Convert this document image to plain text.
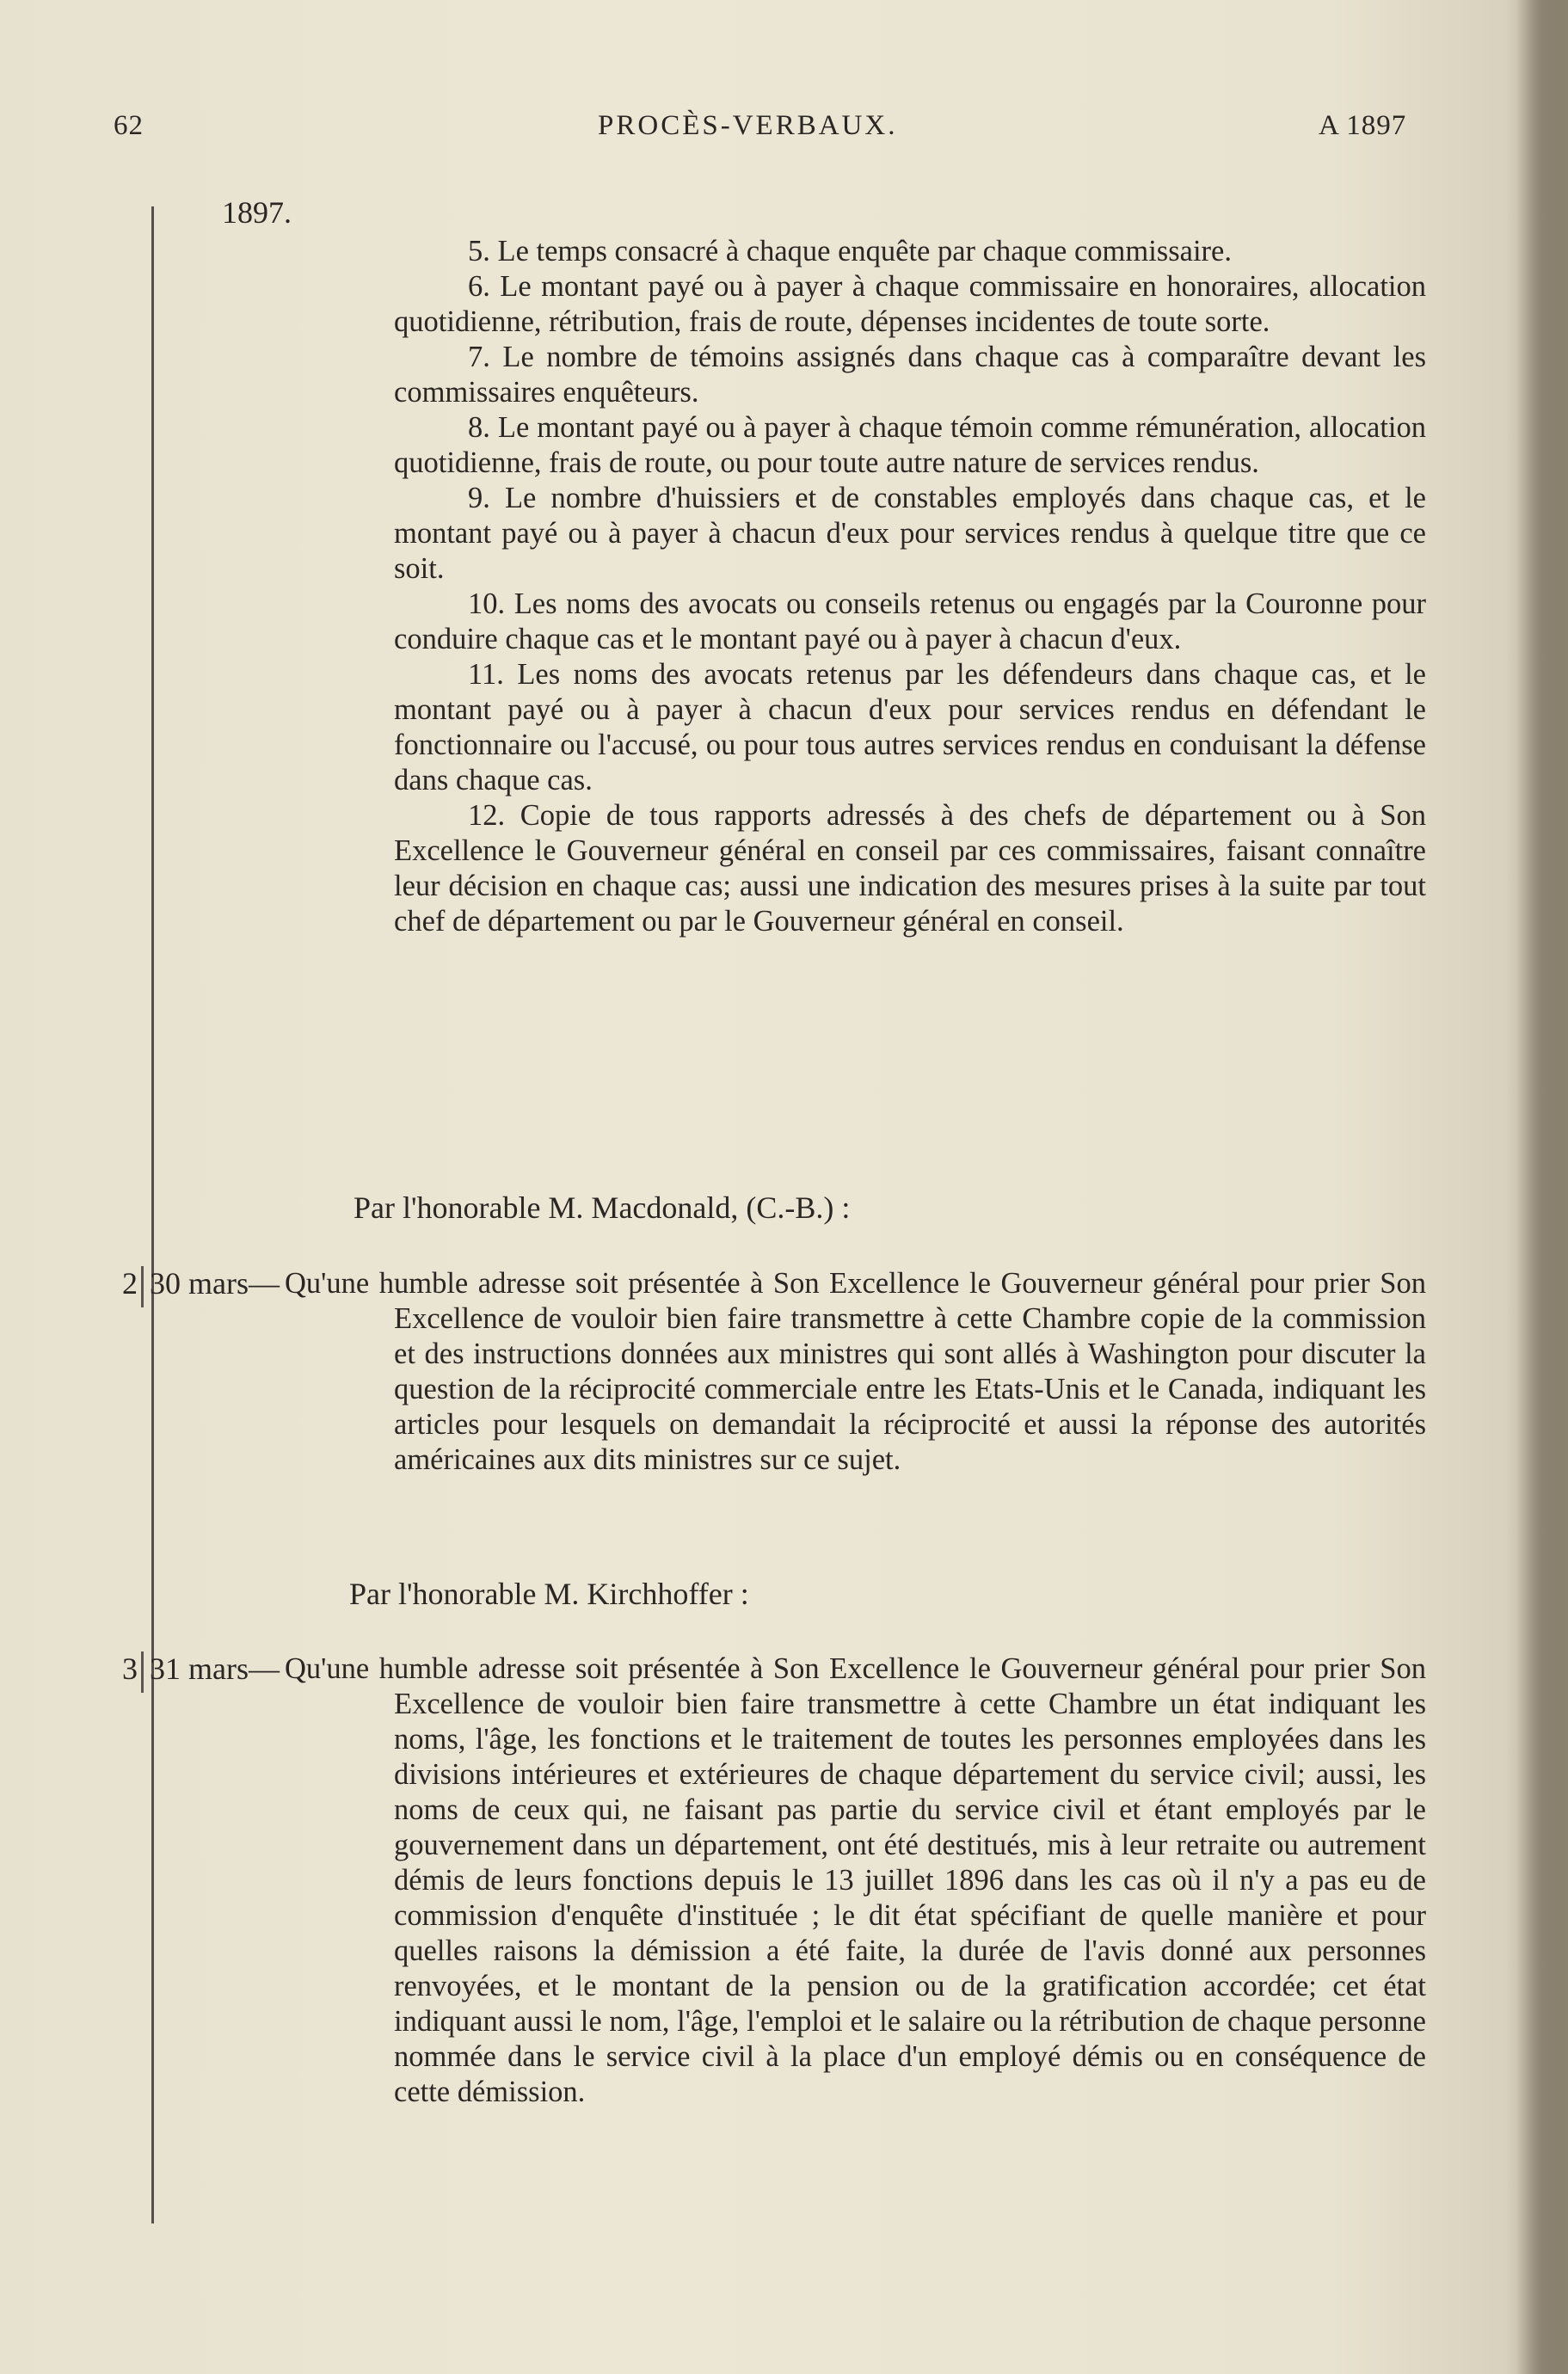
62	PROCÈS-VERBAUX.	A 1897
1897.

5. Le temps consacré à chaque enquête par chaque commissaire.

6. Le montant payé ou à payer à chaque commissaire en honoraires, allocation quotidienne, rétribution, frais de route, dépenses incidentes de toute sorte.

7. Le nombre de témoins assignés dans chaque cas à comparaître devant les commissaires enquêteurs.

8. Le montant payé ou à payer à chaque témoin comme rémunération, allocation quotidienne, frais de route, ou pour toute autre nature de services rendus.

9. Le nombre d'huissiers et de constables employés dans chaque cas, et le montant payé ou à payer à chacun d'eux pour services rendus à quelque titre que ce soit.

10. Les noms des avocats ou conseils retenus ou engagés par la Couronne pour conduire chaque cas et le montant payé ou à payer à chacun d'eux.

11. Les noms des avocats retenus par les défendeurs dans chaque cas, et le montant payé ou à payer à chacun d'eux pour services rendus en défendant le fonctionnaire ou l'accusé, ou pour tous autres services rendus en conduisant la défense dans chaque cas.

12. Copie de tous rapports adressés à des chefs de département ou à Son Excellence le Gouverneur général en conseil par ces commissaires, faisant connaître leur décision en chaque cas; aussi une indication des mesures prises à la suite par tout chef de département ou par le Gouverneur général en conseil.

Par l'honorable M. Macdonald, (C.-B.) :
2 30 mars— Qu'une humble adresse soit présentée à Son Excellence le Gouverneur général pour prier Son Excellence de vouloir bien faire transmettre à cette Chambre copie de la commission et des instructions données aux ministres qui sont allés à Washington pour discuter la question de la réciprocité commerciale entre les Etats-Unis et le Canada, indiquant les articles pour lesquels on demandait la réciprocité et aussi la réponse des autorités américaines aux dits ministres sur ce sujet.

Par l'honorable M. Kirchhoffer :
3 31 mars— Qu'une humble adresse soit présentée à Son Excellence le Gouverneur général pour prier Son Excellence de vouloir bien faire transmettre à cette Chambre un état indiquant les noms, l'âge, les fonctions et le traitement de toutes les personnes employées dans les divisions intérieures et extérieures de chaque département du service civil; aussi, les noms de ceux qui, ne faisant pas partie du service civil et étant employés par le gouvernement dans un département, ont été destitués, mis à leur retraite ou autrement démis de leurs fonctions depuis le 13 juillet 1896 dans les cas où il n'y a pas eu de commission d'enquête d'instituée ; le dit état spécifiant de quelle manière et pour quelles raisons la démission a été faite, la durée de l'avis donné aux personnes renvoyées, et le montant de la pension ou de la gratification accordée; cet état indiquant aussi le nom, l'âge, l'emploi et le salaire ou la rétribution de chaque personne nommée dans le service civil à la place d'un employé démis ou en conséquence de cette démission.
